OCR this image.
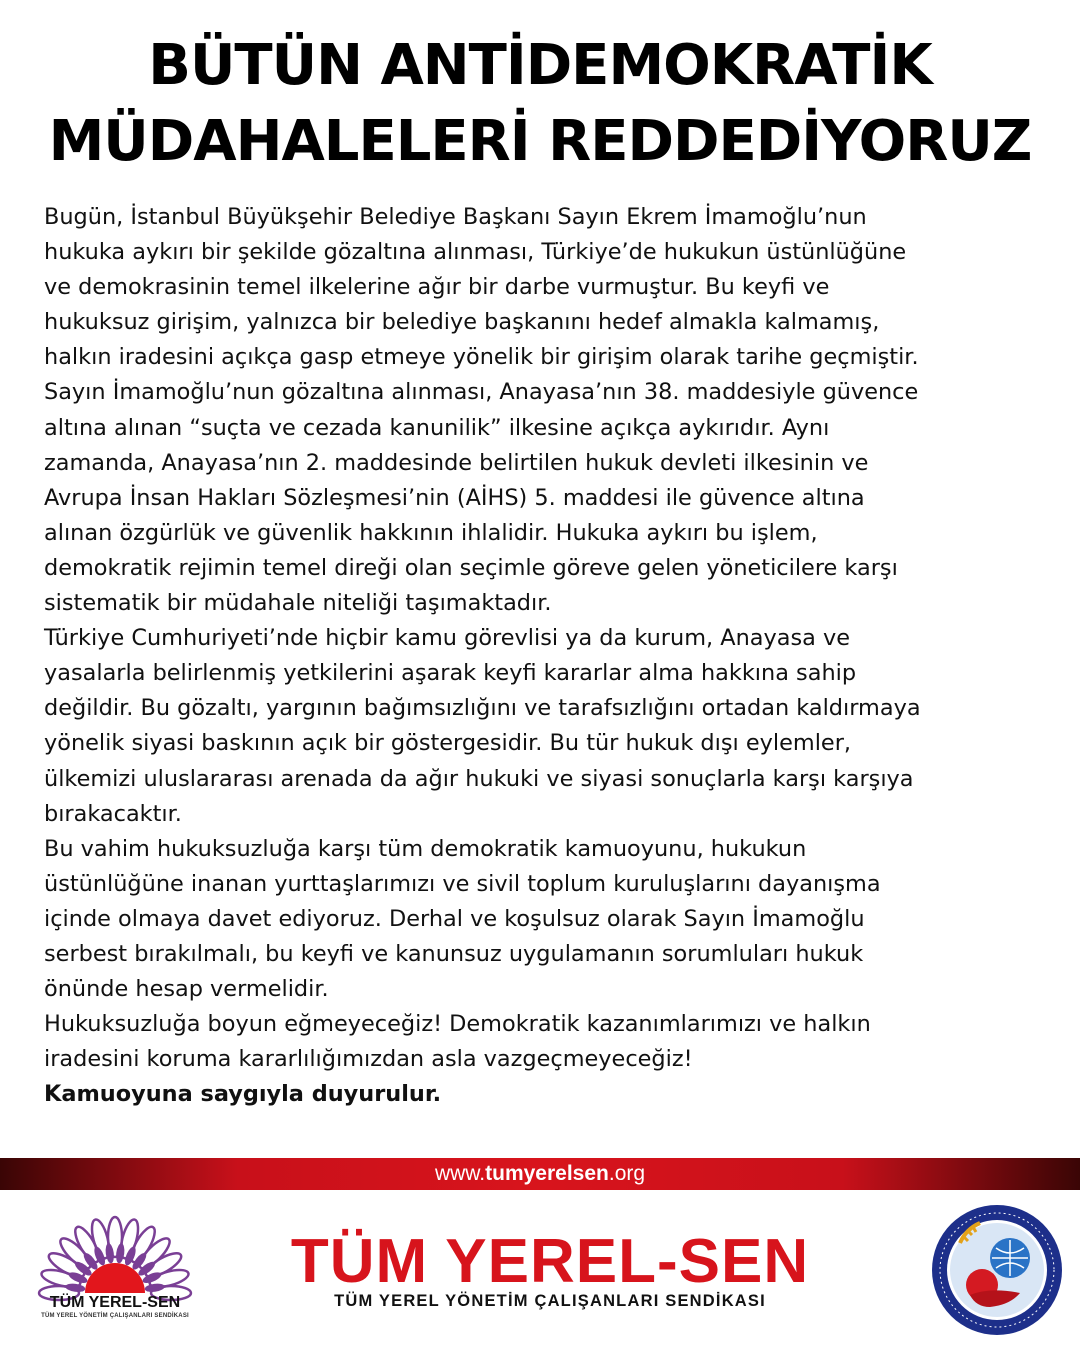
BÜTÜN ANTİDEMOKRATİK
MÜDAHALELERİ REDDEDİYORUZ

Bugün, İstanbul Büyükşehir Belediye Başkanı Sayın Ekrem İmamoğlu’nun

hukuka aykırı bir şekilde gözaltına alınması, Türkiye’de hukukun üstünlüğüne

ve demokrasinin temel ilkelerine ağır bir darbe vurmuştur. Bu keyfi ve

hukuksuz girişim, yalnızca bir belediye başkanını hedef almakla kalmamış,

halkın iradesini açıkça gasp etmeye yönelik bir girişim olarak tarihe geçmiştir.

Sayın İmamoğlu’nun gözaltına alınması, Anayasa’nın 38. maddesiyle güvence

altına alınan “suçta ve cezada kanunilik” ilkesine açıkça aykırıdır. Aynı

zamanda, Anayasa’nın 2. maddesinde belirtilen hukuk devleti ilkesinin ve

Avrupa İnsan Hakları Sözleşmesi’nin (AİHS) 5. maddesi ile güvence altına

alınan özgürlük ve güvenlik hakkının ihlalidir. Hukuka aykırı bu işlem,

demokratik rejimin temel direği olan seçimle göreve gelen yöneticilere karşı

sistematik bir müdahale niteliği taşımaktadır.

Türkiye Cumhuriyeti’nde hiçbir kamu görevlisi ya da kurum, Anayasa ve

yasalarla belirlenmiş yetkilerini aşarak keyfi kararlar alma hakkına sahip

değildir. Bu gözaltı, yargının bağımsızlığını ve tarafsızlığını ortadan kaldırmaya

yönelik siyasi baskının açık bir göstergesidir. Bu tür hukuk dışı eylemler,

ülkemizi uluslararası arenada da ağır hukuki ve siyasi sonuçlarla karşı karşıya

bırakacaktır.

Bu vahim hukuksuzluğa karşı tüm demokratik kamuoyunu, hukukun

üstünlüğüne inanan yurttaşlarımızı ve sivil toplum kuruluşlarını dayanışma

içinde olmaya davet ediyoruz. Derhal ve koşulsuz olarak Sayın İmamoğlu

serbest bırakılmalı, bu keyfi ve kanunsuz uygulamanın sorumluları hukuk

önünde hesap vermelidir.

Hukuksuzluğa boyun eğmeyeceğiz! Demokratik kazanımlarımızı ve halkın

iradesini koruma kararlılığımızdan asla vazgeçmeyeceğiz!

Kamuoyuna saygıyla duyurulur.

www.tumyerelsen.org
TÜM YEREL-SEN
TÜM YEREL YÖNETİM ÇALIŞANLARI SENDİKASI
TÜM YEREL-SEN
TÜM YEREL YÖNETİM ÇALIŞANLARI SENDİKASI
